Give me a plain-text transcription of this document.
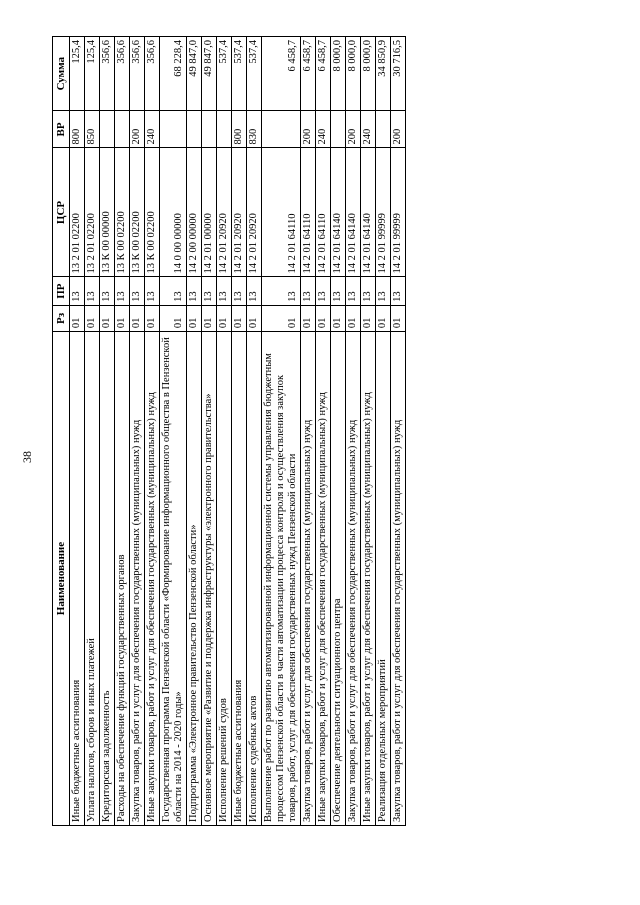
38
Наименование	Рз	ПР	ЦСР	ВР	Сумма
Иные бюджетные ассигнования	01	13	13 2 01 02200	800	125,4
Уплата налогов, сборов и иных платежей	01	13	13 2 01 02200	850	125,4
Кредиторская задолженность	01	13	13 К 00 00000		356,6
Расходы на обеспечение функций государственных органов	01	13	13 К 00 02200		356,6
Закупка товаров, работ и услуг для обеспечения государственных (муниципальных) нужд	01	13	13 К 00 02200	200	356,6
Иные закупки товаров, работ и услуг для обеспечения государственных (муниципальных) нужд	01	13	13 К 00 02200	240	356,6
Государственная программа Пензенской области «Формирование информационного общества в Пензенской области на 2014 - 2020 годы»	01	13	14 0 00 00000		68 228,4
Подпрограмма «Электронное правительство Пензенской области»	01	13	14 2 00 00000		49 847,0
Основное мероприятие «Развитие и поддержка инфраструктуры «электронного правительства»	01	13	14 2 01 00000		49 847,0
Исполнение решений судов	01	13	14 2 01 20920		537,4
Иные бюджетные ассигнования	01	13	14 2 01 20920	800	537,4
Исполнение судебных актов	01	13	14 2 01 20920	830	537,4
Выполнение работ по развитию автоматизированной информационной системы управления бюджетным процессом Пензенской области в части автоматизации процесса контроля и осуществления закупок товаров, работ, услуг для обеспечения государственных нужд Пензенской области	01	13	14 2 01 64110		6 458,7
Закупка товаров, работ и услуг для обеспечения государственных (муниципальных) нужд	01	13	14 2 01 64110	200	6 458,7
Иные закупки товаров, работ и услуг для обеспечения государственных (муниципальных) нужд	01	13	14 2 01 64110	240	6 458,7
Обеспечение деятельности ситуационного центра	01	13	14 2 01 64140		8 000,0
Закупка товаров, работ и услуг для обеспечения государственных (муниципальных) нужд	01	13	14 2 01 64140	200	8 000,0
Иные закупки товаров, работ и услуг для обеспечения государственных (муниципальных) нужд	01	13	14 2 01 64140	240	8 000,0
Реализация отдельных мероприятий	01	13	14 2 01 99999		34 850,9
Закупка товаров, работ и услуг для обеспечения государственных (муниципальных) нужд	01	13	14 2 01 99999	200	30 716,5
